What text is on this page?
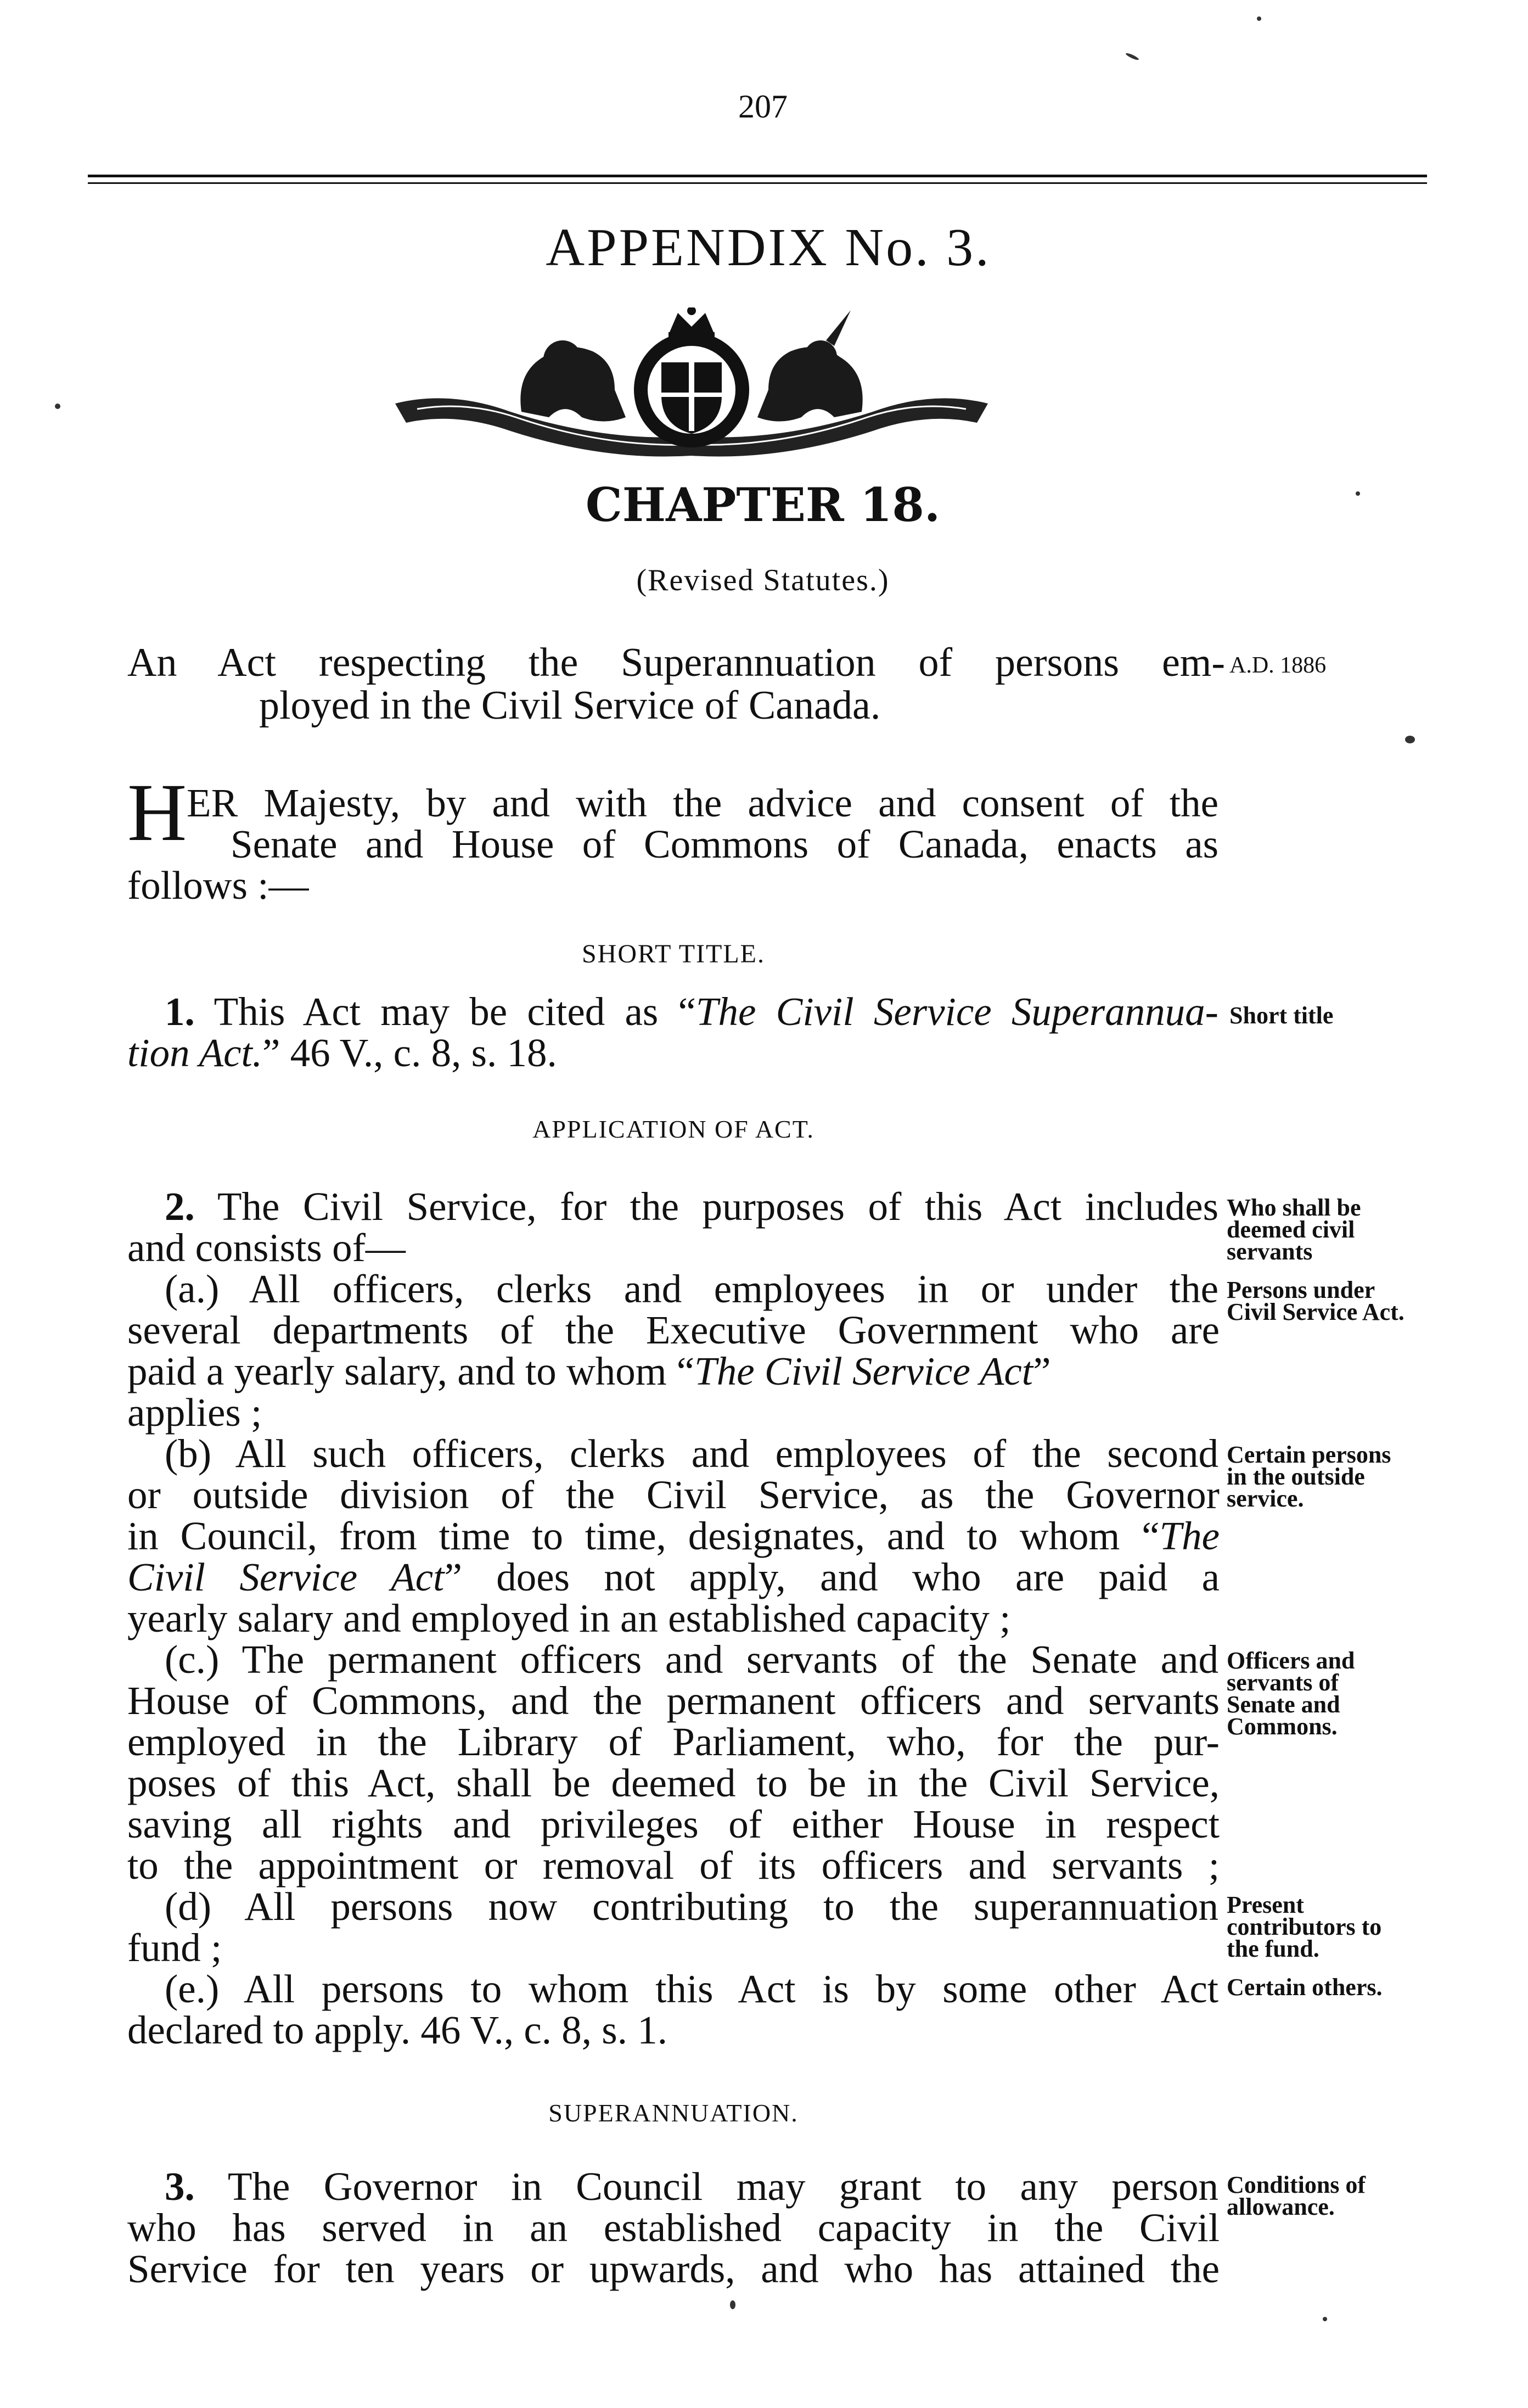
207
APPENDIX No. 3.
CHAPTER 18.
(Revised Statutes.)
An Act respecting the Superannuation of persons em-
ployed in the Civil Service of Canada.
A.D. 1886
H ER Majesty, by and with the advice and consent of the
Senate and House of Commons of Canada, enacts as
follows :—
SHORT TITLE.
1. This Act may be cited as “The Civil Service Superannua-
tion Act.” 46 V., c. 8, s. 18.
Short title
APPLICATION OF ACT.
2. The Civil Service, for the purposes of this Act includes
and consists of—
Who shall be deemed civil servants
(a.) All officers, clerks and employees in or under the
several departments of the Executive Government who are
paid a yearly salary, and to whom “The Civil Service Act”
applies ;
Persons under Civil Service Act.
(b) All such officers, clerks and employees of the second
or outside division of the Civil Service, as the Governor
in Council, from time to time, designates, and to whom “The
Civil Service Act” does not apply, and who are paid a
yearly salary and employed in an established capacity ;
Certain persons in the outside service.
(c.) The permanent officers and servants of the Senate and
House of Commons, and the permanent officers and servants
employed in the Library of Parliament, who, for the pur-
poses of this Act, shall be deemed to be in the Civil Service,
saving all rights and privileges of either House in respect
to the appointment or removal of its officers and servants ;
Officers and servants of Senate and Commons.
(d) All persons now contributing to the superannuation
fund ;
Present contributors to the fund.
(e.) All persons to whom this Act is by some other Act
declared to apply. 46 V., c. 8, s. 1.
Certain others.
SUPERANNUATION.
3. The Governor in Council may grant to any person
who has served in an established capacity in the Civil
Service for ten years or upwards, and who has attained the
Conditions of allowance.
